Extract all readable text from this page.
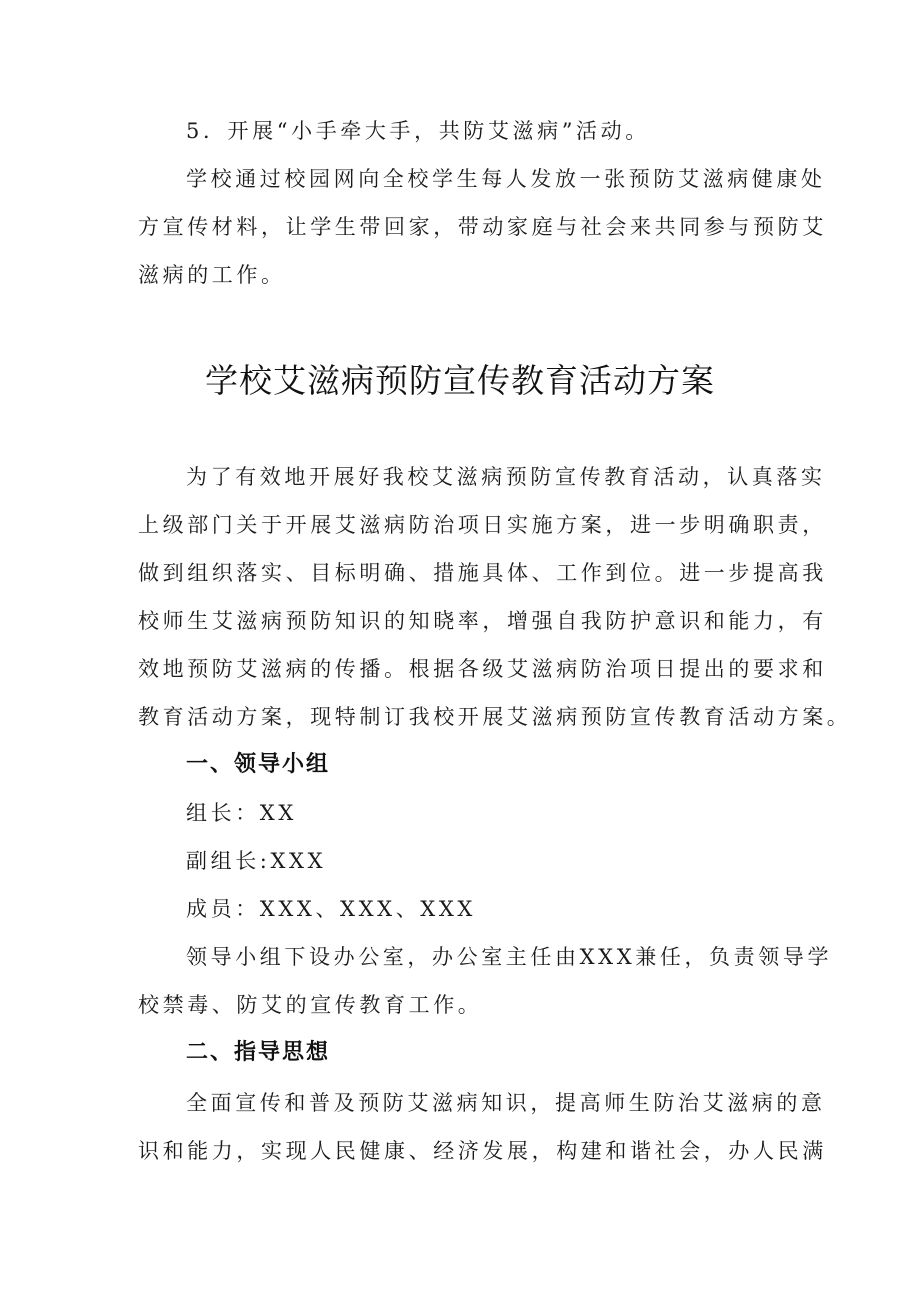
5．开展“小手牵大手，共防艾滋病”活动。

学校通过校园网向全校学生每人发放一张预防艾滋病健康处

方宣传材料，让学生带回家，带动家庭与社会来共同参与预防艾

滋病的工作。

学校艾滋病预防宣传教育活动方案

为了有效地开展好我校艾滋病预防宣传教育活动，认真落实

上级部门关于开展艾滋病防治项日实施方案，进一步明确职责，

做到组织落实、目标明确、措施具体、工作到位。进一步提高我

校师生艾滋病预防知识的知晓率，增强自我防护意识和能力，有

效地预防艾滋病的传播。根据各级艾滋病防治项日提出的要求和

教育活动方案，现特制订我校开展艾滋病预防宣传教育活动方案。

一、领导小组

组长：XX

副组长:XXX

成员：XXX、XXX、XXX

领导小组下设办公室，办公室主任由XXX兼任，负责领导学

校禁毒、防艾的宣传教育工作。

二、指导思想

全面宣传和普及预防艾滋病知识，提高师生防治艾滋病的意

识和能力，实现人民健康、经济发展，构建和谐社会，办人民满
